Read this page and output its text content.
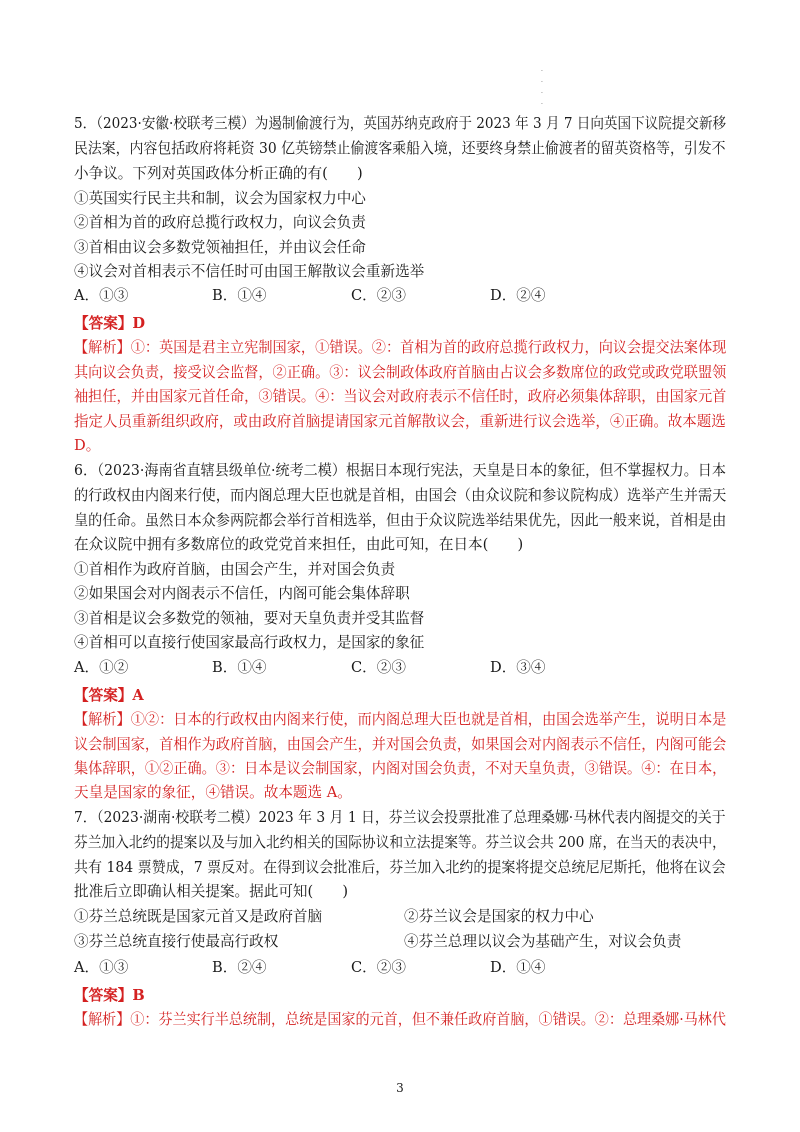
.
.
.
.
5．（2023·安徽·校联考三模）为遏制偷渡行为，英国苏纳克政府于 2023 年 3 月 7 日向英国下议院提交新移
民法案，内容包括政府将耗资 30 亿英镑禁止偷渡客乘船入境，还要终身禁止偷渡者的留英资格等，引发不
小争议。下列对英国政体分析正确的有(　　)
①英国实行民主共和制，议会为国家权力中心
②首相为首的政府总揽行政权力，向议会负责
③首相由议会多数党领袖担任，并由议会任命
④议会对首相表示不信任时可由国王解散议会重新选举
A．①③	B．①④	C．②③	D．②④
【答案】D
【解析】①：英国是君主立宪制国家，①错误。②：首相为首的政府总揽行政权力，向议会提交法案体现
其向议会负责，接受议会监督，②正确。③：议会制政体政府首脑由占议会多数席位的政党或政党联盟领
袖担任，并由国家元首任命，③错误。④：当议会对政府表示不信任时，政府必须集体辞职，由国家元首
指定人员重新组织政府，或由政府首脑提请国家元首解散议会，重新进行议会选举，④正确。故本题选
D。
6．（2023·海南省直辖县级单位·统考二模）根据日本现行宪法，天皇是日本的象征，但不掌握权力。日本
的行政权由内阁来行使，而内阁总理大臣也就是首相，由国会（由众议院和参议院构成）选举产生并需天
皇的任命。虽然日本众参两院都会举行首相选举，但由于众议院选举结果优先，因此一般来说，首相是由
在众议院中拥有多数席位的政党党首来担任，由此可知，在日本(　　)
①首相作为政府首脑，由国会产生，并对国会负责
②如果国会对内阁表示不信任，内阁可能会集体辞职
③首相是议会多数党的领袖，要对天皇负责并受其监督
④首相可以直接行使国家最高行政权力，是国家的象征
A．①②	B．①④	C．②③	D．③④
【答案】A
【解析】①②：日本的行政权由内阁来行使，而内阁总理大臣也就是首相，由国会选举产生，说明日本是
议会制国家，首相作为政府首脑，由国会产生，并对国会负责，如果国会对内阁表示不信任，内阁可能会
集体辞职，①②正确。③：日本是议会制国家，内阁对国会负责，不对天皇负责，③错误。④：在日本，
天皇是国家的象征，④错误。故本题选 A。
7．（2023·湖南·校联考二模）2023 年 3 月 1 日，芬兰议会投票批准了总理桑娜·马林代表内阁提交的关于
芬兰加入北约的提案以及与加入北约相关的国际协议和立法提案等。芬兰议会共 200 席，在当天的表决中，
共有 184 票赞成，7 票反对。在得到议会批准后，芬兰加入北约的提案将提交总统尼尼斯托，他将在议会
批准后立即确认相关提案。据此可知(　　)
①芬兰总统既是国家元首又是政府首脑	②芬兰议会是国家的权力中心
③芬兰总统直接行使最高行政权	④芬兰总理以议会为基础产生，对议会负责
A．①③	B．②④	C．②③	D．①④
【答案】B
【解析】①：芬兰实行半总统制，总统是国家的元首，但不兼任政府首脑，①错误。②：总理桑娜·马林代
3
